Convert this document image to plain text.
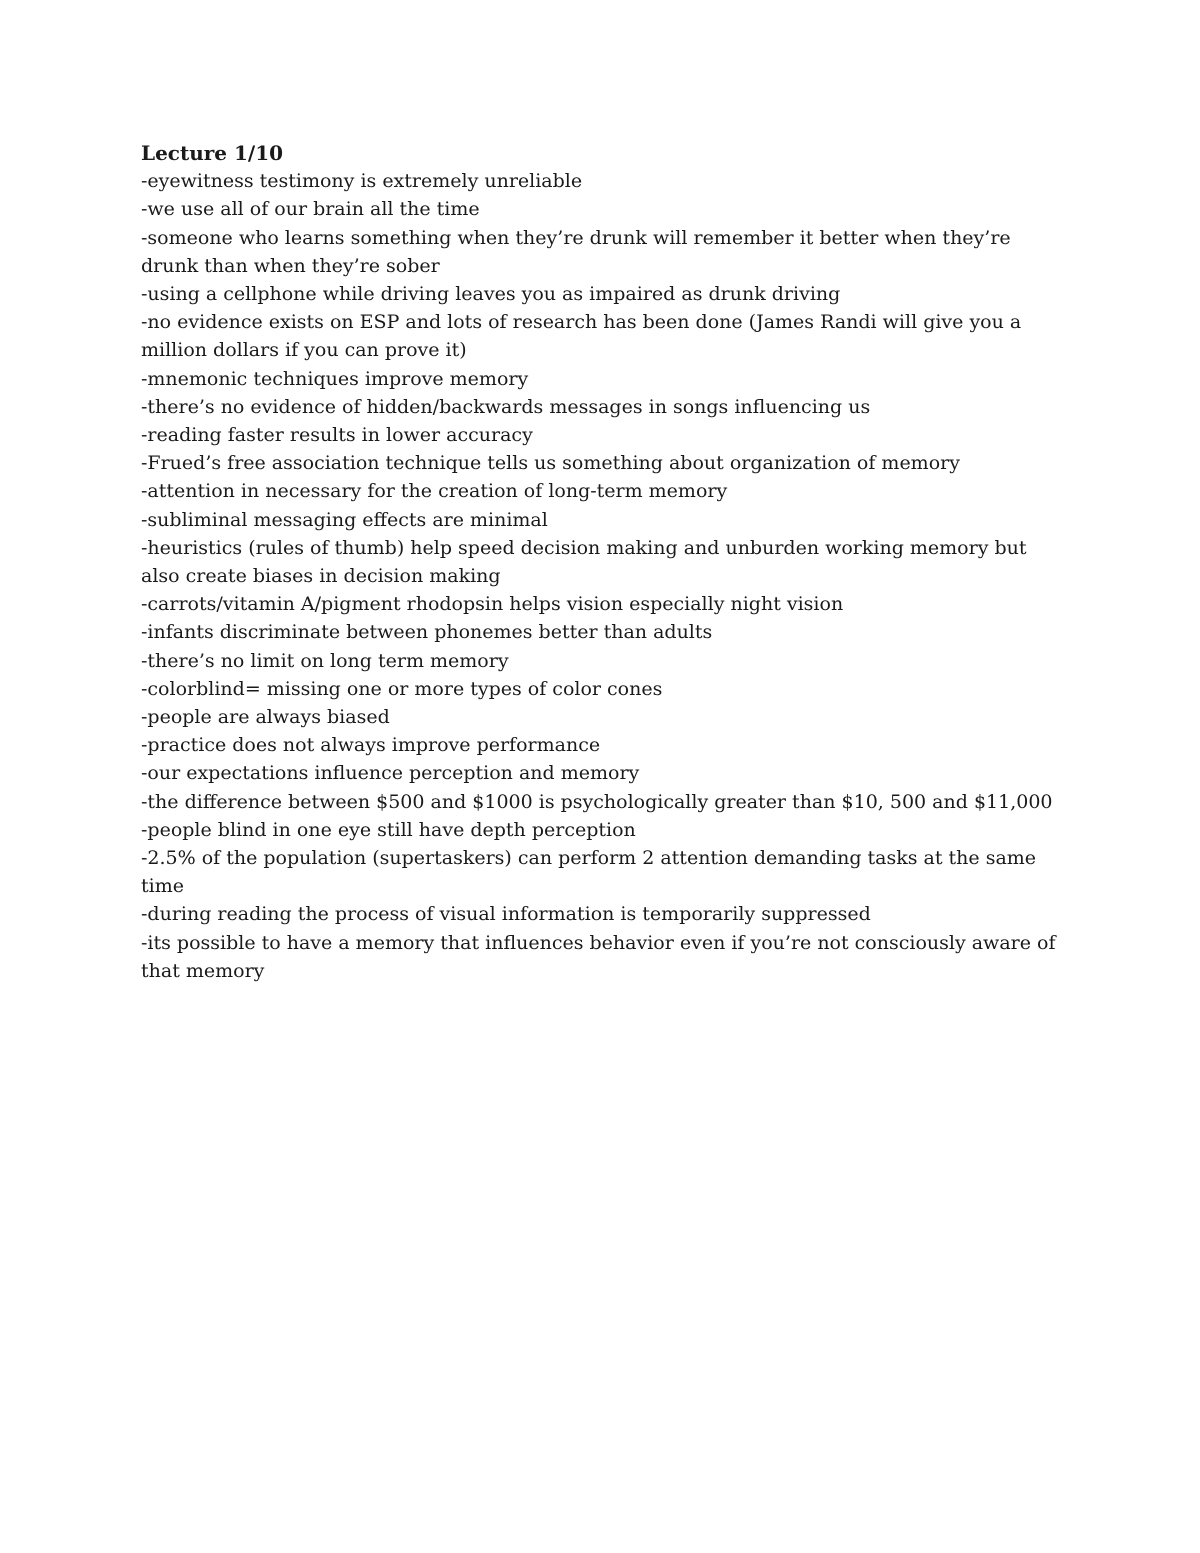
Lecture 1/10
-eyewitness testimony is extremely unreliable
-we use all of our brain all the time
-someone who learns something when they’re drunk will remember it better when they’re drunk than when they’re sober
-using a cellphone while driving leaves you as impaired as drunk driving
-no evidence exists on ESP and lots of research has been done (James Randi will give you a million dollars if you can prove it)
-mnemonic techniques improve memory
-there’s no evidence of hidden/backwards messages in songs influencing us
-reading faster results in lower accuracy
-Frued’s free association technique tells us something about organization of memory
-attention in necessary for the creation of long-term memory
-subliminal messaging effects are minimal
-heuristics (rules of thumb) help speed decision making and unburden working memory but also create biases in decision making
-carrots/vitamin A/pigment rhodopsin helps vision especially night vision
-infants discriminate between phonemes better than adults
-there’s no limit on long term memory
-colorblind= missing one or more types of color cones
-people are always biased
-practice does not always improve performance
-our expectations influence perception and memory
-the difference between $500 and $1000 is psychologically greater than $10, 500 and $11,000
-people blind in one eye still have depth perception
-2.5% of the population (supertaskers) can perform 2 attention demanding tasks at the same time
-during reading the process of visual information is temporarily suppressed
-its possible to have a memory that influences behavior even if you’re not consciously aware of that memory
